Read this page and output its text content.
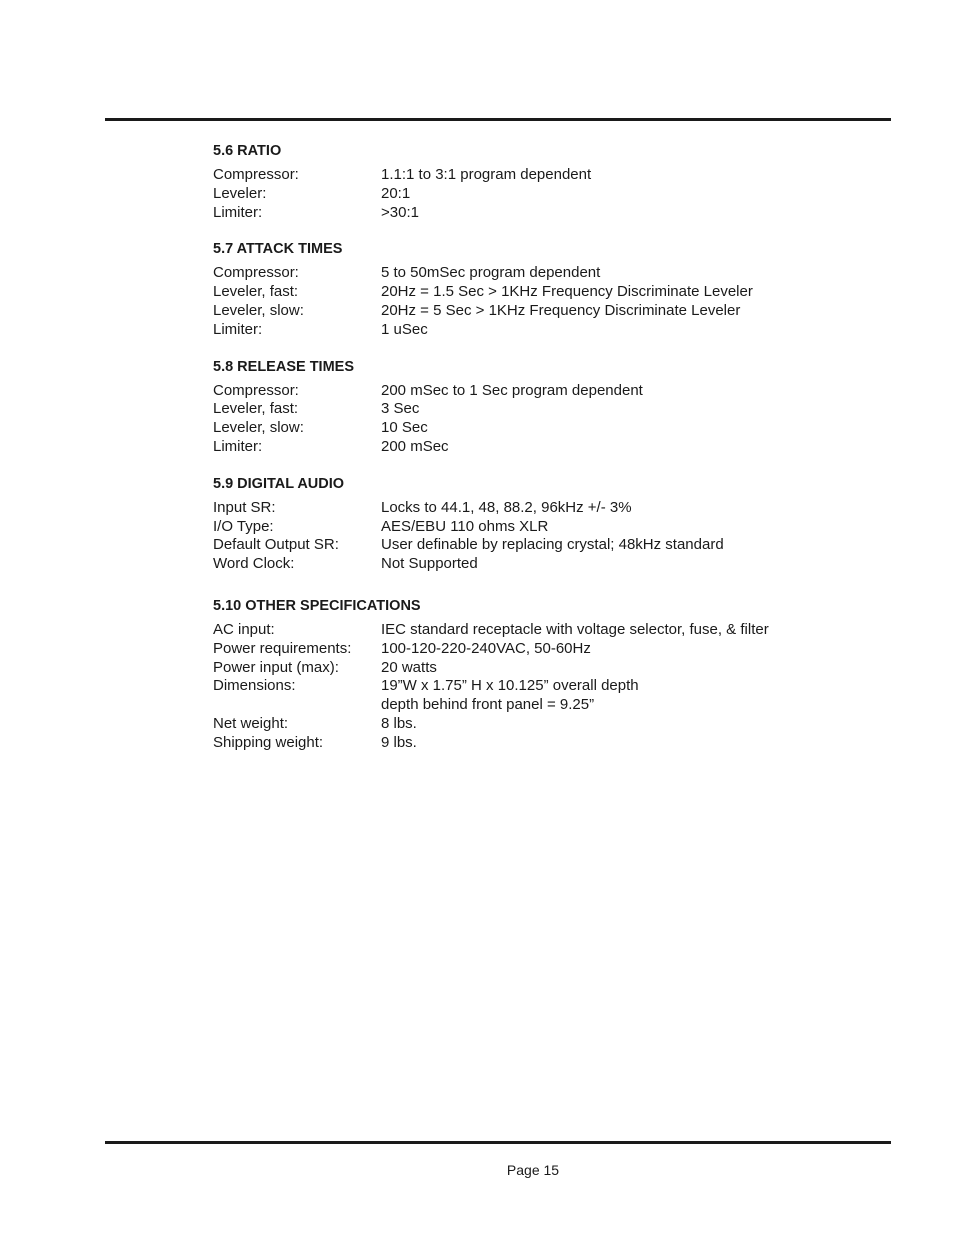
5.6 RATIO
Compressor:	1.1:1 to 3:1 program dependent
Leveler:	20:1
Limiter:	>30:1
5.7 ATTACK TIMES
Compressor:	5 to 50mSec program dependent
Leveler, fast:	20Hz = 1.5 Sec > 1KHz Frequency Discriminate Leveler
Leveler, slow:	20Hz = 5 Sec > 1KHz Frequency Discriminate Leveler
Limiter:	1 uSec
5.8 RELEASE TIMES
Compressor:	200 mSec to 1 Sec program dependent
Leveler, fast:	3 Sec
Leveler, slow:	10 Sec
Limiter:	200 mSec
5.9 DIGITAL AUDIO
Input SR:	Locks to 44.1, 48, 88.2, 96kHz +/- 3%
I/O Type:	AES/EBU 110 ohms XLR
Default Output SR:	User definable by replacing crystal; 48kHz standard
Word Clock:	Not Supported
5.10 OTHER SPECIFICATIONS
AC input:	IEC standard receptacle with voltage selector, fuse, & filter
Power requirements:	100-120-220-240VAC, 50-60Hz
Power input (max):	20 watts
Dimensions:	19”W x 1.75” H x 10.125” overall depth
depth behind front panel = 9.25”
Net weight:	8 lbs.
Shipping weight:	9 lbs.
Page 15
